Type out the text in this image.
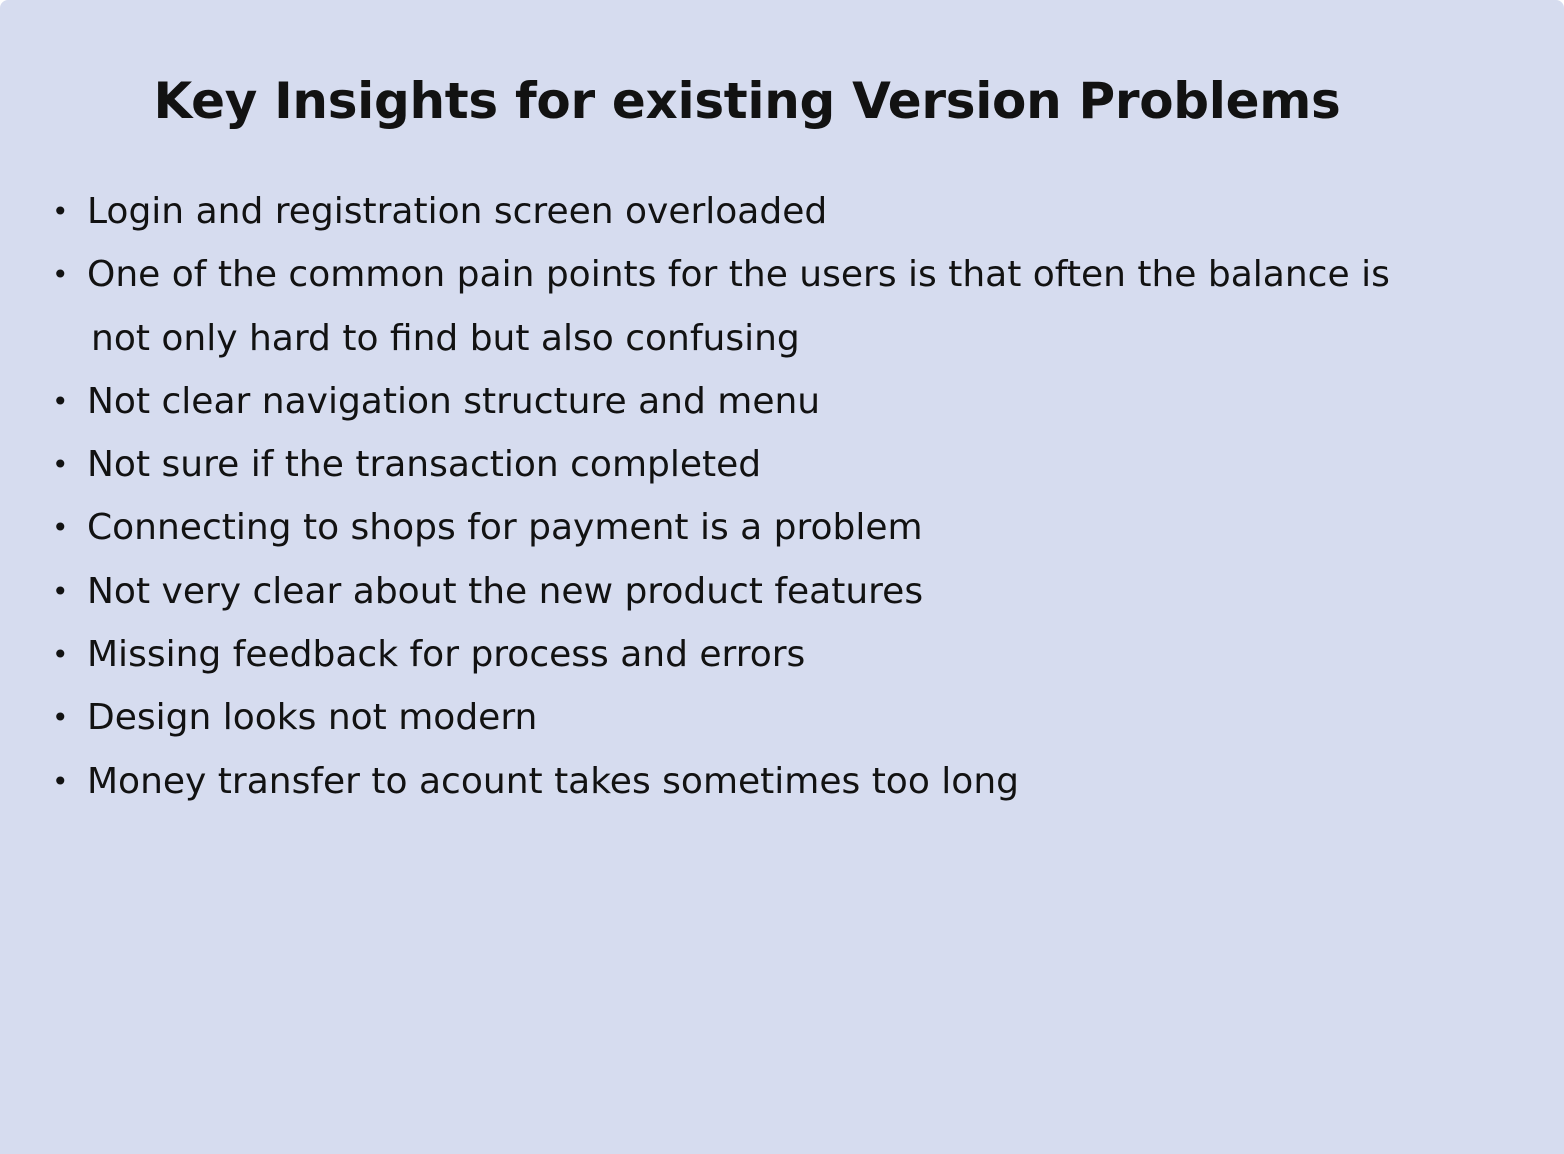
Key Insights for existing Version Problems
• Login and registration screen overloaded
• One of the common pain points for the users is that often the balance is
not only hard to find but also confusing
• Not clear navigation structure and menu
• Not sure if the transaction completed
• Connecting to shops for payment is a problem
• Not very clear about the new product features
• Missing feedback for process and errors
• Design looks not modern
• Money transfer to acount takes sometimes too long
